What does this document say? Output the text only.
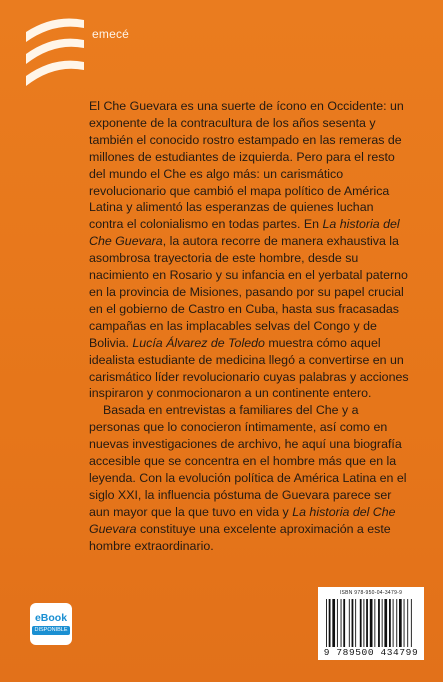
emecé

El Che Guevara es una suerte de ícono en Occidente: un exponente de la contracultura de los años sesenta y también el conocido rostro estampado en las remeras de millones de estudiantes de izquierda. Pero para el resto del mundo el Che es algo más: un carismático revolucionario que cambió el mapa político de América Latina y alimentó las esperanzas de quienes luchan contra el colonialismo en todas partes. En La historia del Che Guevara, la autora recorre de manera exhaustiva la asombrosa trayectoria de este hombre, desde su nacimiento en Rosario y su infancia en el yerbatal paterno en la provincia de Misiones, pasando por su papel crucial en el gobierno de Castro en Cuba, hasta sus fracasadas campañas en las implacables selvas del Congo y de Bolivia. Lucía Álvarez de Toledo muestra cómo aquel idealista estudiante de medicina llegó a convertirse en un carismático líder revolucionario cuyas palabras y acciones inspiraron y conmocionaron a un continente entero.

Basada en entrevistas a familiares del Che y a personas que lo conocieron íntimamente, así como en nuevas investigaciones de archivo, he aquí una biografía accesible que se concentra en el hombre más que en la leyenda. Con la evolución política de América Latina en el siglo XXI, la influencia póstuma de Guevara parece ser aun mayor que la que tuvo en vida y La historia del Che Guevara constituye una excelente aproximación a este hombre extraordinario.

eBook
DISPONIBLE
ISBN 978-950-04-3479-9
9 789500 434799
